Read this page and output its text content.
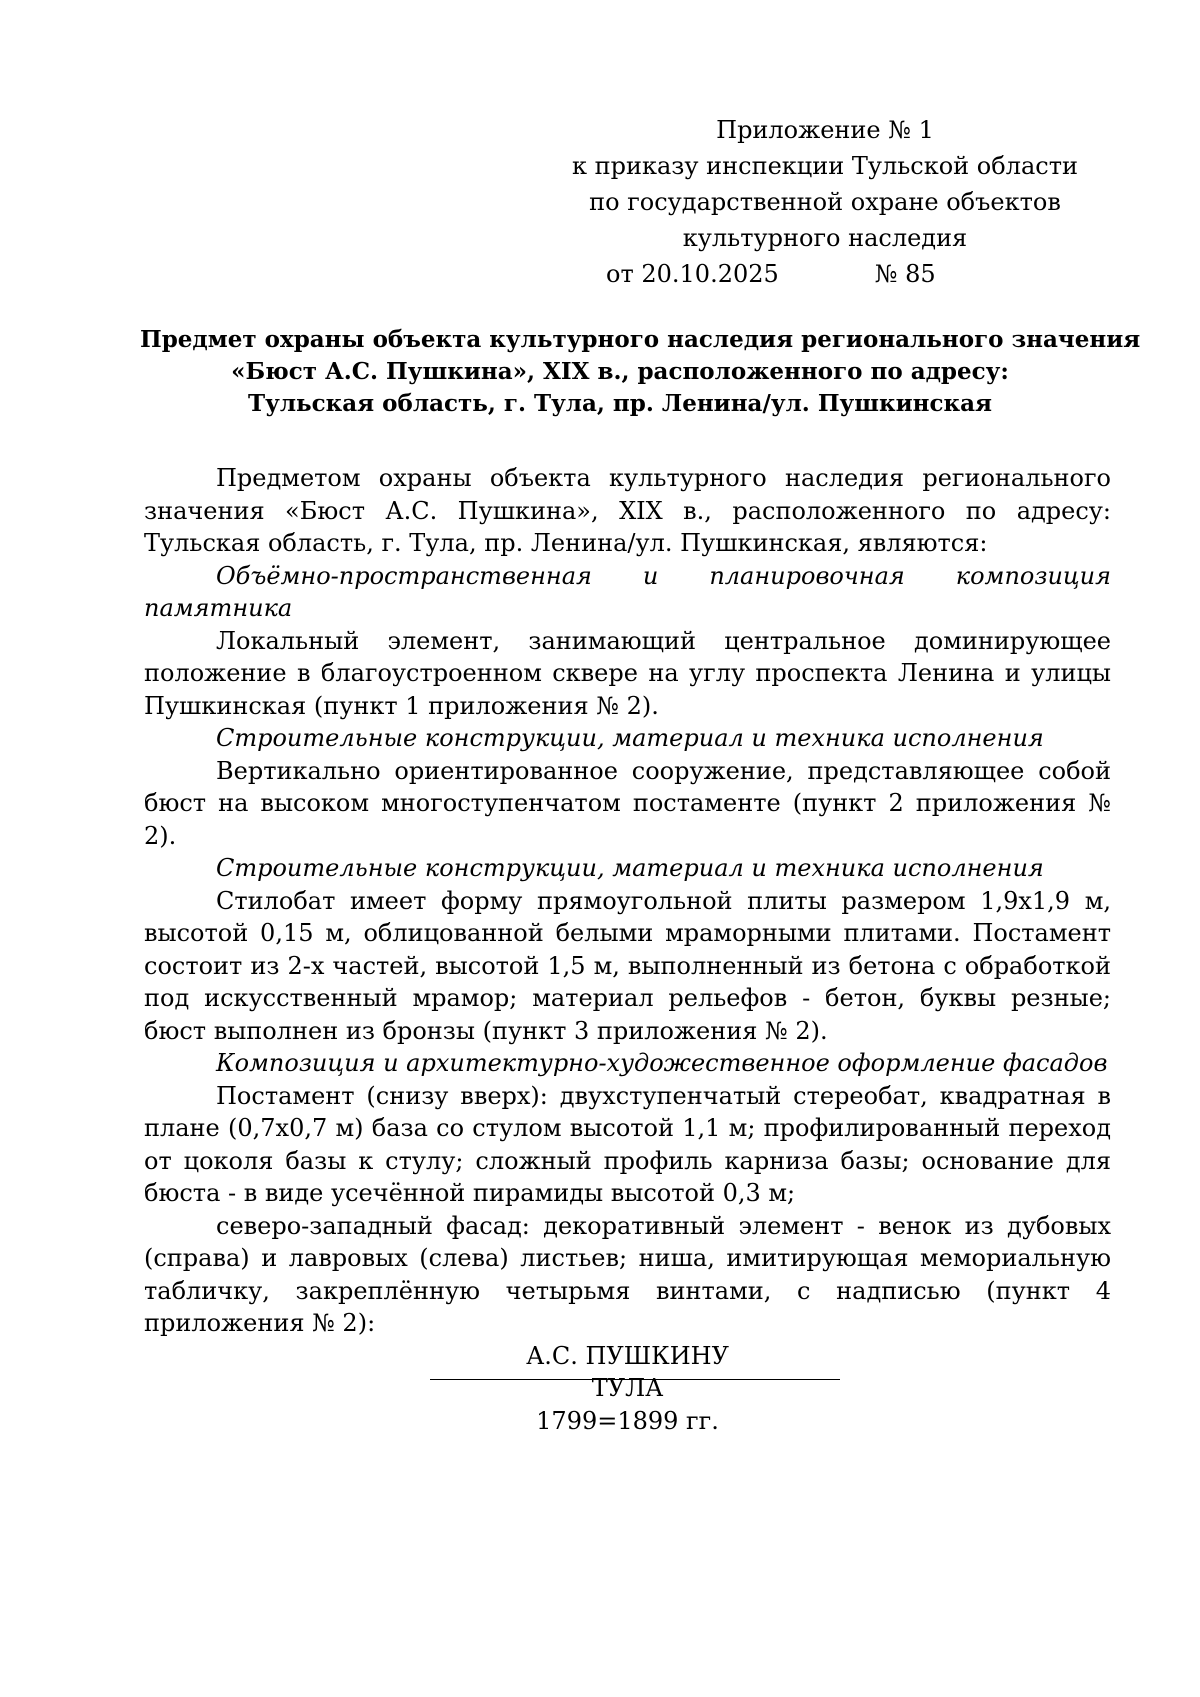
Приложение № 1
к приказу инспекции Тульской области
по государственной охране объектов
культурного наследия
от 20.10.2025	№ 85
Предмет охраны объекта культурного наследия регионального значения
«Бюст А.С. Пушкина», XIX в., расположенного по адресу:
Тульская область, г. Тула, пр. Ленина/ул. Пушкинская

Предметом охраны объекта культурного наследия регионального значения «Бюст А.С. Пушкина», XIX в., расположенного по адресу: Тульская область, г. Тула, пр. Ленина/ул. Пушкинская, являются:

Объёмно-пространственная и планировочная композиция памятника

Локальный элемент, занимающий центральное доминирующее положение в благоустроенном сквере на углу проспекта Ленина и улицы Пушкинская (пункт 1 приложения № 2).

Строительные конструкции, материал и техника исполнения

Вертикально ориентированное сооружение, представляющее собой бюст на высоком многоступенчатом постаменте (пункт 2 приложения № 2).

Строительные конструкции, материал и техника исполнения

Стилобат имеет форму прямоугольной плиты размером 1,9х1,9 м, высотой 0,15 м, облицованной белыми мраморными плитами. Постамент состоит из 2-х частей, высотой 1,5 м, выполненный из бетона с обработкой под искусственный мрамор; материал рельефов - бетон, буквы резные; бюст выполнен из бронзы (пункт 3 приложения № 2).

Композиция и архитектурно-художественное оформление фасадов

Постамент (снизу вверх): двухступенчатый стереобат, квадратная в плане (0,7х0,7 м) база со стулом высотой 1,1 м; профилированный переход от цоколя базы к стулу; сложный профиль карниза базы; основание для бюста - в виде усечённой пирамиды высотой 0,3 м;

северо-западный фасад: декоративный элемент - венок из дубовых (справа) и лавровых (слева) листьев; ниша, имитирующая мемориальную табличку, закреплённую четырьмя винтами, с надписью (пункт 4 приложения № 2):

А.С. ПУШКИНУ
ТУЛА
1799=1899 гг.
